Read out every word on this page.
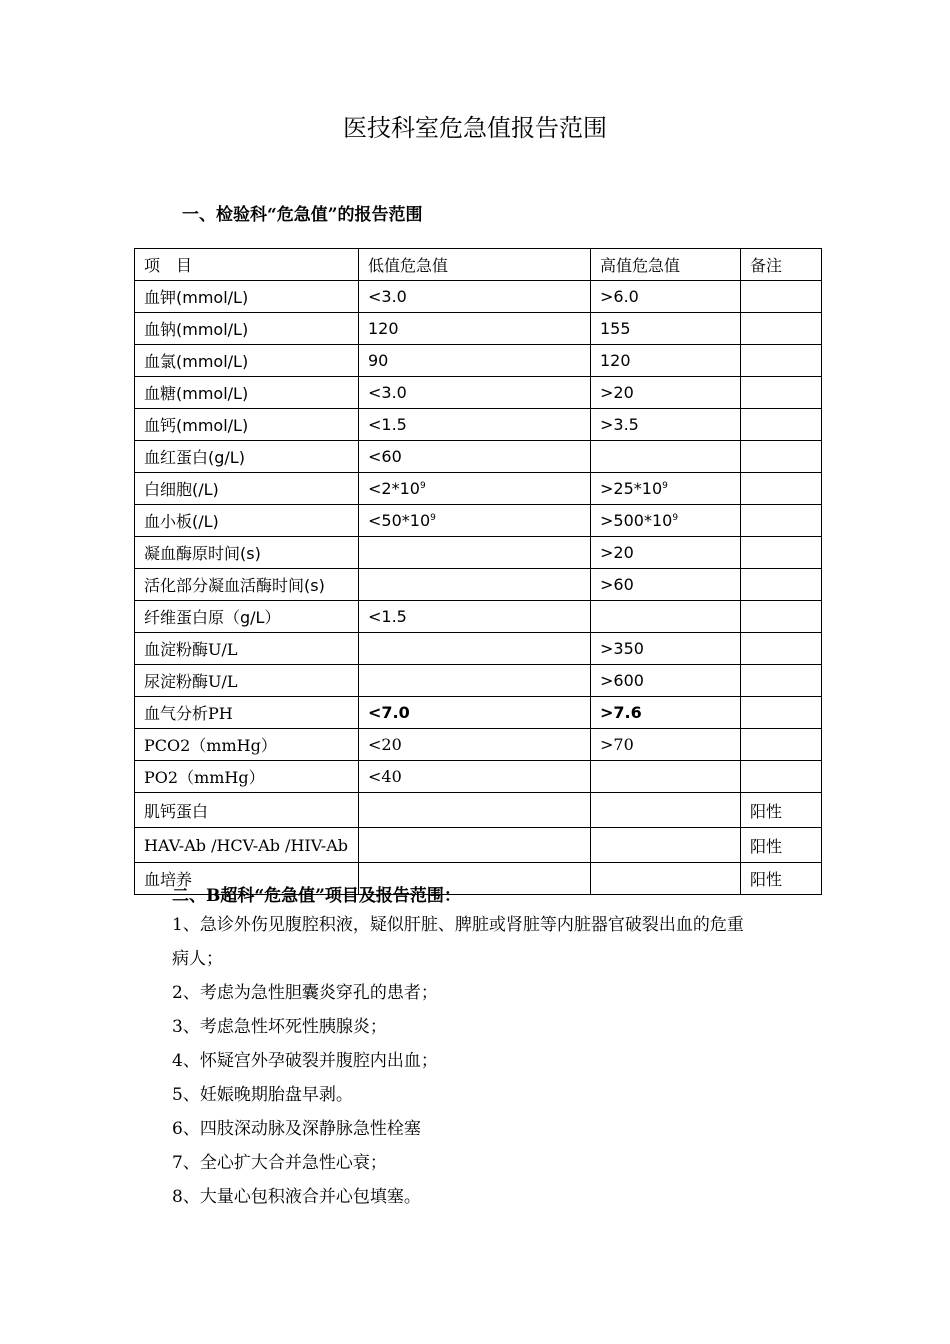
医技科室危急值报告范围
一、检验科“危急值”的报告范围
项　目	低值危急值	高值危急值	备注
血钾(mmol/L)	<3.0	>6.0	
血钠(mmol/L)	120	155	
血氯(mmol/L)	90	120	
血糖(mmol/L)	<3.0	>20	
血钙(mmol/L)	<1.5	>3.5	
血红蛋白(g/L)	<60		
白细胞(/L)	$<2*10^9$	$>25*10^9$	
血小板(/L)	$<50*10^9$	$>500*10^9$	
凝血酶原时间(s)		>20	
活化部分凝血活酶时间(s)		>60	
纤维蛋白原（g/L）	<1.5		
血淀粉酶U/L		>350	
尿淀粉酶U/L		>600	
血气分析PH	<7.0	>7.6	
PCO2（mmHg）	<20	>70	
PO2（mmHg）	<40		
肌钙蛋白			阳性
HAV-Ab /HCV-Ab /HIV-Ab			阳性
血培养			阳性
二、B超科“危急值”项目及报告范围：
1、急诊外伤见腹腔积液，疑似肝脏、脾脏或肾脏等内脏器官破裂出血的危重
病人；
2、考虑为急性胆囊炎穿孔的患者；
3、考虑急性坏死性胰腺炎；
4、怀疑宫外孕破裂并腹腔内出血；
5、妊娠晚期胎盘早剥。
6、四肢深动脉及深静脉急性栓塞
7、全心扩大合并急性心衰；
8、大量心包积液合并心包填塞。
